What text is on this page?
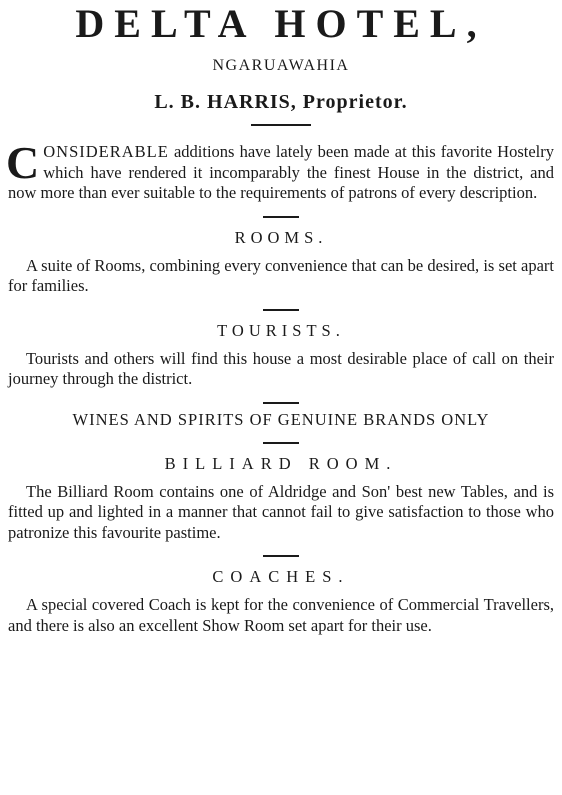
DELTA HOTEL,
NGARUAWAHIA
L. B. HARRIS, Proprietor.

CONSIDERABLE additions have lately been made at this favorite Hostelry which have rendered it incomparably the finest House in the district, and now more than ever suitable to the requirements of patrons of every description.

ROOMS.

A suite of Rooms, combining every convenience that can be desired, is set apart for families.

TOURISTS.

Tourists and others will find this house a most desirable place of call on their journey through the district.

WINES AND SPIRITS OF GENUINE BRANDS ONLY
BILLIARD ROOM.

The Billiard Room contains one of Aldridge and Son' best new Tables, and is fitted up and lighted in a manner that cannot fail to give satisfaction to those who patronize this favourite pastime.

COACHES.

A special covered Coach is kept for the convenience of Commercial Travellers, and there is also an excellent Show Room set apart for their use.
